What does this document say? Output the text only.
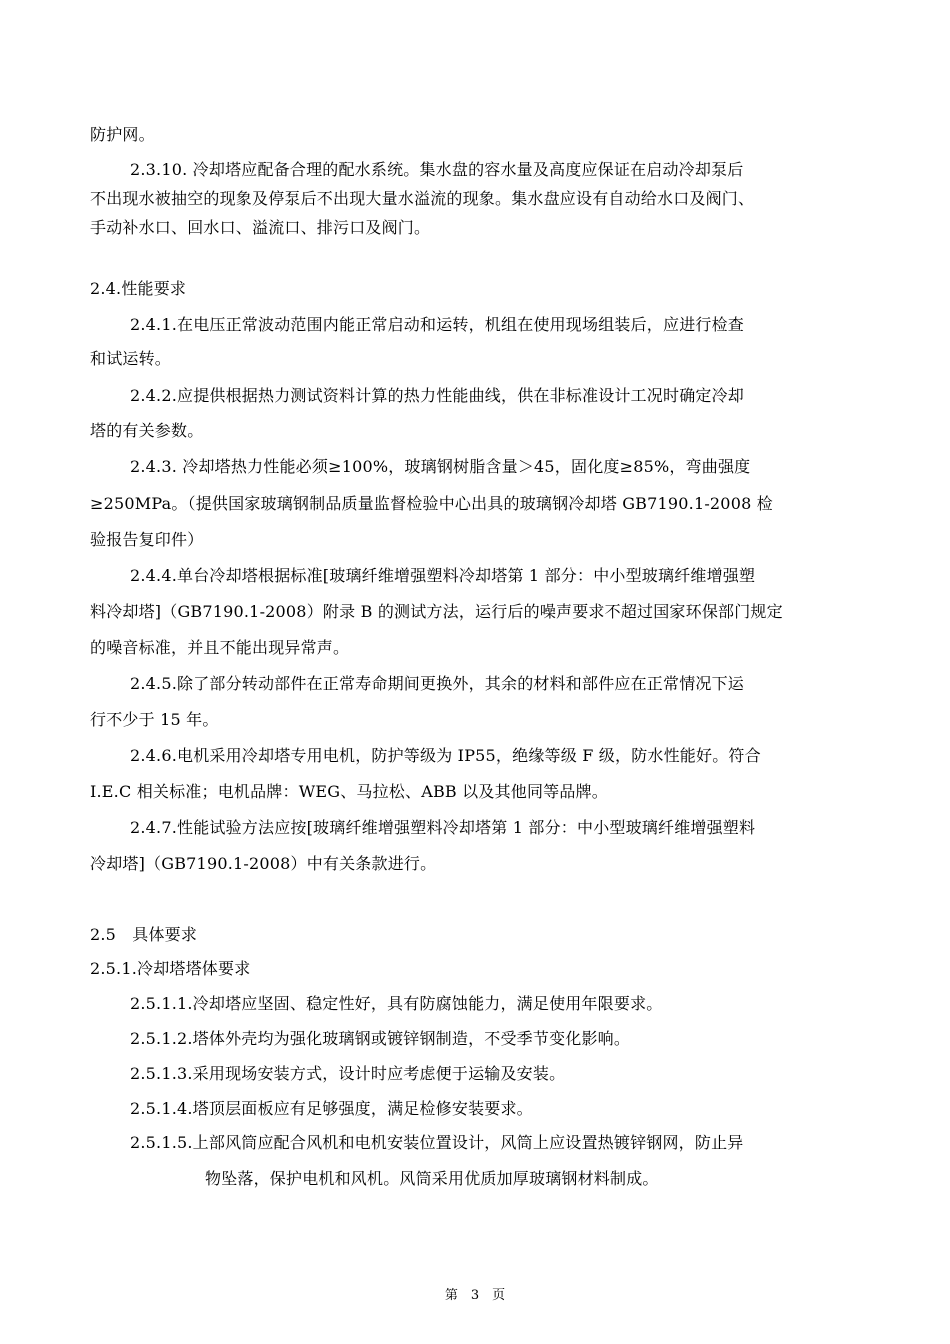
防护网。
2.3.10. 冷却塔应配备合理的配水系统。集水盘的容水量及高度应保证在启动冷却泵后
不出现水被抽空的现象及停泵后不出现大量水溢流的现象。集水盘应设有自动给水口及阀门、
手动补水口、回水口、溢流口、排污口及阀门。
2.4.性能要求
2.4.1.在电压正常波动范围内能正常启动和运转，机组在使用现场组装后，应进行检查
和试运转。
2.4.2.应提供根据热力测试资料计算的热力性能曲线，供在非标准设计工况时确定冷却
塔的有关参数。
2.4.3. 冷却塔热力性能必须≥100%，玻璃钢树脂含量＞45，固化度≥85%，弯曲强度
≥250MPa。（提供国家玻璃钢制品质量监督检验中心出具的玻璃钢冷却塔 GB7190.1-2008 检
验报告复印件）
2.4.4.单台冷却塔根据标准[玻璃纤维增强塑料冷却塔第 1 部分：中小型玻璃纤维增强塑
料冷却塔]（GB7190.1-2008）附录 B 的测试方法，运行后的噪声要求不超过国家环保部门规定
的噪音标准，并且不能出现异常声。
2.4.5.除了部分转动部件在正常寿命期间更换外，其余的材料和部件应在正常情况下运
行不少于 15 年。
2.4.6.电机采用冷却塔专用电机，防护等级为 IP55，绝缘等级 F 级，防水性能好。符合
I.E.C 相关标准；电机品牌：WEG、马拉松、ABB 以及其他同等品牌。
2.4.7.性能试验方法应按[玻璃纤维增强塑料冷却塔第 1 部分：中小型玻璃纤维增强塑料
冷却塔]（GB7190.1-2008）中有关条款进行。
2.5　具体要求
2.5.1.冷却塔塔体要求
2.5.1.1.冷却塔应坚固、稳定性好，具有防腐蚀能力，满足使用年限要求。
2.5.1.2.塔体外壳均为强化玻璃钢或镀锌钢制造，不受季节变化影响。
2.5.1.3.采用现场安装方式，设计时应考虑便于运输及安装。
2.5.1.4.塔顶层面板应有足够强度，满足检修安装要求。
2.5.1.5.上部风筒应配合风机和电机安装位置设计，风筒上应设置热镀锌钢网，防止异
物坠落，保护电机和风机。风筒采用优质加厚玻璃钢材料制成。
第　3　页
